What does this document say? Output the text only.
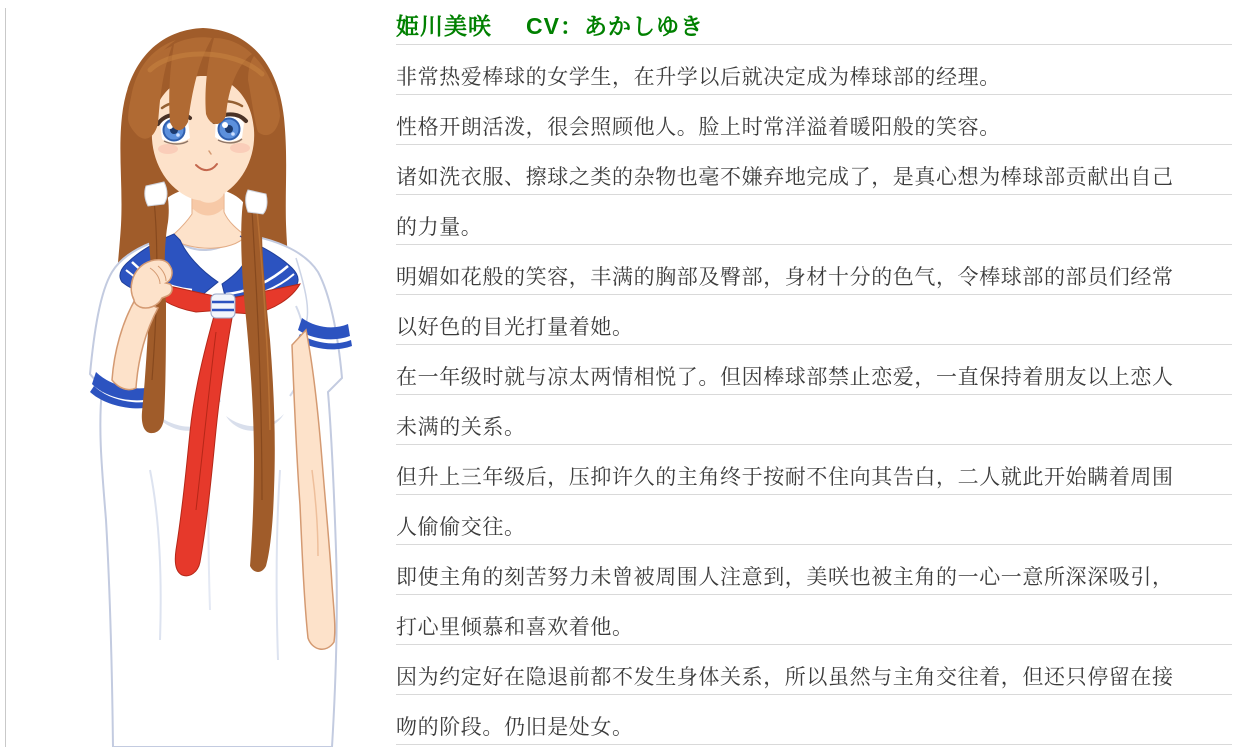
姫川美咲 CV：あかしゆき
非常热爱棒球的女学生，在升学以后就决定成为棒球部的经理。
性格开朗活泼，很会照顾他人。脸上时常洋溢着暖阳般的笑容。
诸如洗衣服、擦球之类的杂物也毫不嫌弃地完成了，是真心想为棒球部贡献出自己
的力量。
明媚如花般的笑容，丰满的胸部及臀部，身材十分的色气，令棒球部的部员们经常
以好色的目光打量着她。
在一年级时就与凉太两情相悦了。但因棒球部禁止恋爱，一直保持着朋友以上恋人
未满的关系。
但升上三年级后，压抑许久的主角终于按耐不住向其告白，二人就此开始瞒着周围
人偷偷交往。
即使主角的刻苦努力未曾被周围人注意到，美咲也被主角的一心一意所深深吸引，
打心里倾慕和喜欢着他。
因为约定好在隐退前都不发生身体关系，所以虽然与主角交往着，但还只停留在接
吻的阶段。仍旧是处女。
